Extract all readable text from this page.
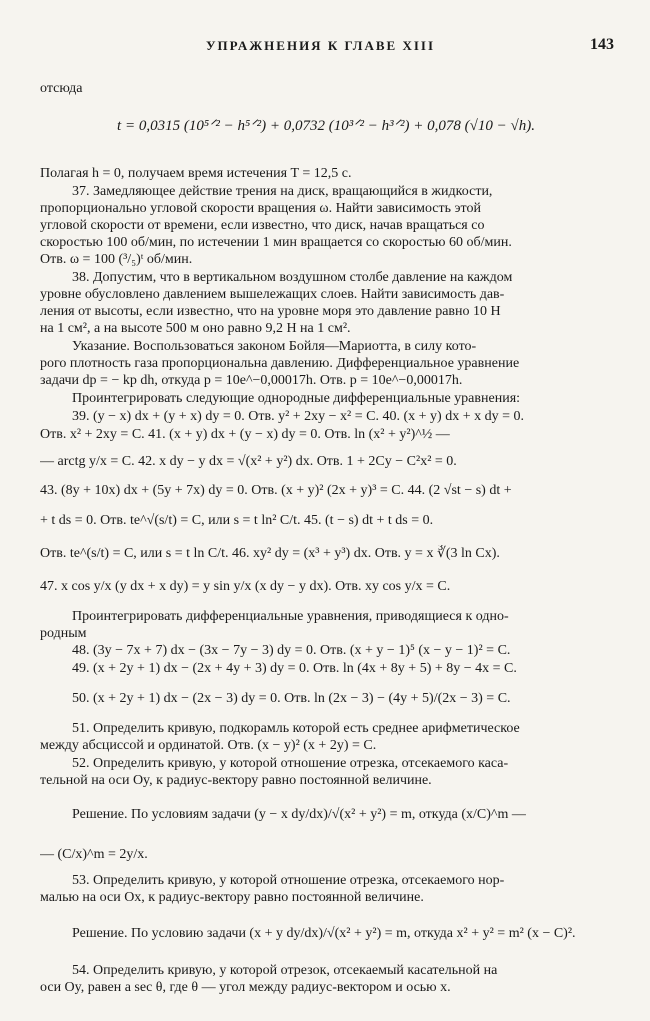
УПРАЖНЕНИЯ К ГЛАВЕ XIII	143
отсюда
t = 0,0315 (10⁵ᐟ² − h⁵ᐟ²) + 0,0732 (10³ᐟ² − h³ᐟ²) + 0,078 (√10 − √h).
Полагая h = 0, получаем время истечения T = 12,5 с.
37. Замедляющее действие трения на диск, вращающийся в жидкости,
пропорционально угловой скорости вращения ω. Найти зависимость этой
угловой скорости от времени, если известно, что диск, начав вращаться со
скоростью 100 об/мин, по истечении 1 мин вращается со скоростью 60 об/мин.
Отв. ω = 100 (³/₅)ᵗ об/мин.
38. Допустим, что в вертикальном воздушном столбе давление на каждом
уровне обусловлено давлением вышележащих слоев. Найти зависимость дав-
ления от высоты, если известно, что на уровне моря это давление равно 10 Н
на 1 см², а на высоте 500 м оно равно 9,2 Н на 1 см².
Указание. Воспользоваться законом Бойля—Мариотта, в силу кото-
рого плотность газа пропорциональна давлению. Дифференциальное уравнение
задачи dp = − kp dh, откуда p = 10e^−0,00017h. Отв. p = 10e^−0,00017h.
Проинтегрировать следующие однородные дифференциальные уравнения:
39. (y − x) dx + (y + x) dy = 0. Отв. y² + 2xy − x² = C. 40. (x + y) dx + x dy = 0.
Отв. x² + 2xy = C. 41. (x + y) dx + (y − x) dy = 0. Отв. ln (x² + y²)^½ —
— arctg y/x = C. 42. x dy − y dx = √(x² + y²) dx. Отв. 1 + 2Cy − C²x² = 0.
43. (8y + 10x) dx + (5y + 7x) dy = 0. Отв. (x + y)² (2x + y)³ = C. 44. (2 √st − s) dt +
+ t ds = 0. Отв. te^√(s/t) = C, или s = t ln² C/t. 45. (t − s) dt + t ds = 0.
Отв. te^(s/t) = C, или s = t ln C/t. 46. xy² dy = (x³ + y³) dx. Отв. y = x ∛(3 ln Cx).
47. x cos y/x (y dx + x dy) = y sin y/x (x dy − y dx). Отв. xy cos y/x = C.
Проинтегрировать дифференциальные уравнения, приводящиеся к одно-
родным
48. (3y − 7x + 7) dx − (3x − 7y − 3) dy = 0. Отв. (x + y − 1)⁵ (x − y − 1)² = C.
49. (x + 2y + 1) dx − (2x + 4y + 3) dy = 0. Отв. ln (4x + 8y + 5) + 8y − 4x = C.
50. (x + 2y + 1) dx − (2x − 3) dy = 0. Отв. ln (2x − 3) − (4y + 5)/(2x − 3) = C.
51. Определить кривую, подкорамль которой есть среднее арифметическое
между абсциссой и ординатой. Отв. (x − y)² (x + 2y) = C.
52. Определить кривую, у которой отношение отрезка, отсекаемого каса-
тельной на оси Oy, к радиус-вектору равно постоянной величине.
Решение. По условиям задачи (y − x dy/dx)/√(x² + y²) = m, откуда (x/C)^m —
— (C/x)^m = 2y/x.
53. Определить кривую, у которой отношение отрезка, отсекаемого нор-
малью на оси Ox, к радиус-вектору равно постоянной величине.
Решение. По условию задачи (x + y dy/dx)/√(x² + y²) = m, откуда x² + y² = m² (x − C)².
54. Определить кривую, у которой отрезок, отсекаемый касательной на
оси Oy, равен a sec θ, где θ — угол между радиус-вектором и осью x.
